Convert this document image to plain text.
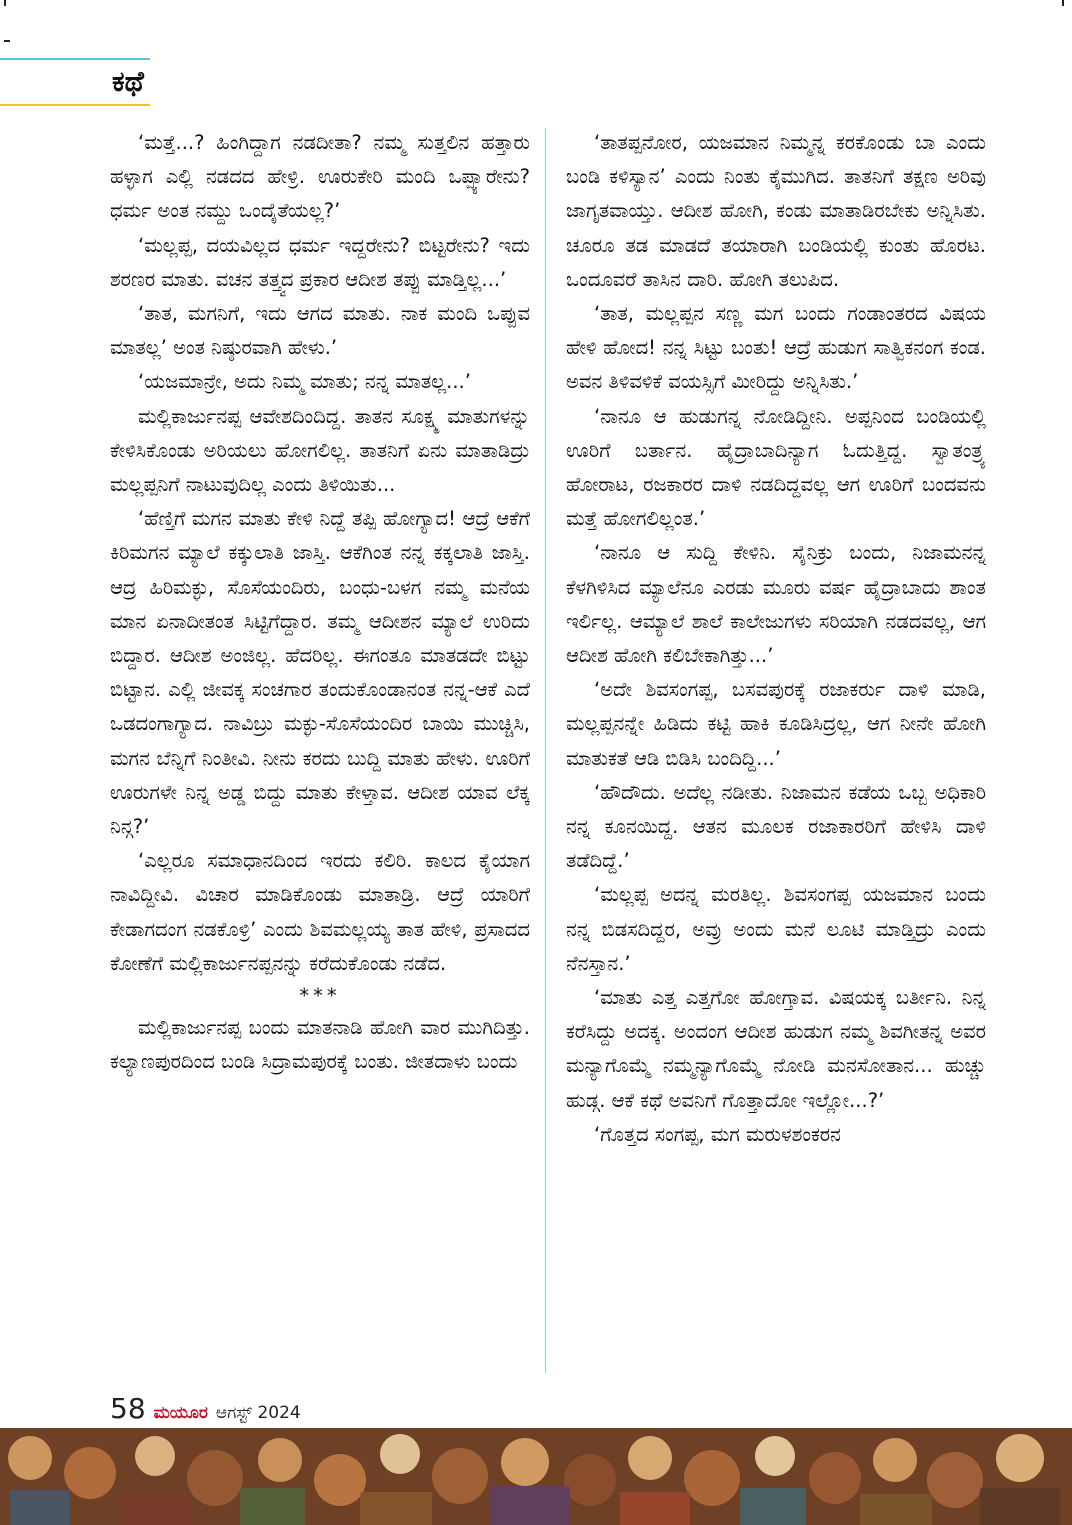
ಕಥೆ

‘ಮತ್ತೆ...? ಹಿಂಗಿದ್ದಾಗ ನಡದೀತಾ? ನಮ್ಮ ಸುತ್ತಲಿನ ಹತ್ತಾರು ಹಳ್ಳಾಗ ಎಲ್ಲಿ ನಡದದ ಹೇಳ್ರಿ. ಊರುಕೇರಿ ಮಂದಿ ಒಪ್ಪ್ಯಾರೇನು? ಧರ್ಮ ಅಂತ ನಮ್ದು ಒಂದೈತೆಯಲ್ಲ?’

‘ಮಲ್ಲಪ್ಪ, ದಯವಿಲ್ಲದ ಧರ್ಮ ಇದ್ದರೇನು? ಬಿಟ್ಟರೇನು? ಇದು ಶರಣರ ಮಾತು. ವಚನ ತತ್ತ್ವದ ಪ್ರಕಾರ ಆದೀಶ ತಪ್ಪು ಮಾಡ್ತಿಲ್ಲ...’

‘ತಾತ, ಮಗನಿಗೆ, ಇದು ಆಗದ ಮಾತು. ನಾಕ ಮಂದಿ ಒಪ್ಪುವ ಮಾತಲ್ಲ’ ಅಂತ ನಿಷ್ಠುರವಾಗಿ ಹೇಳು.’

‘ಯಜಮಾನ್ರೇ, ಅದು ನಿಮ್ಮ ಮಾತು; ನನ್ನ ಮಾತಲ್ಲ...’

ಮಲ್ಲಿಕಾರ್ಜುನಪ್ಪ ಆವೇಶದಿಂದಿದ್ದ. ತಾತನ ಸೂಕ್ಷ್ಮ ಮಾತುಗಳನ್ನು ಕೇಳಿಸಿಕೊಂಡು ಅರಿಯಲು ಹೋಗಲಿಲ್ಲ. ತಾತನಿಗೆ ಏನು ಮಾತಾಡಿದ್ರು ಮಲ್ಲಪ್ಪನಿಗೆ ನಾಟುವುದಿಲ್ಲ ಎಂದು ತಿಳಿಯಿತು...

‘ಹೆಣ್ತಿಗೆ ಮಗನ ಮಾತು ಕೇಳಿ ನಿದ್ದೆ ತಪ್ಪಿ ಹೋಗ್ಯಾದ! ಆದ್ರೆ ಆಕೆಗೆ ಕಿರಿಮಗನ ಮ್ಯಾಲೆ ಕಕ್ಕುಲಾತಿ ಜಾಸ್ತಿ. ಆಕೆಗಿಂತ ನನ್ನ ಕಕ್ಕಲಾತಿ ಜಾಸ್ತಿ. ಆದ್ರ ಹಿರಿಮಕ್ಳು, ಸೊಸೆಯಂದಿರು, ಬಂಧು-ಬಳಗ ನಮ್ಮ ಮನೆಯ ಮಾನ ಏನಾದೀತಂತ ಸಿಟ್ಟಿಗೆದ್ದಾರ. ತಮ್ಮ ಆದೀಶನ ಮ್ಯಾಲೆ ಉರಿದು ಬಿದ್ದಾರ. ಆದೀಶ ಅಂಜಿಲ್ಲ. ಹೆದರಿಲ್ಲ. ಈಗಂತೂ ಮಾತಡದೇ ಬಿಟ್ಟು ಬಿಟ್ಟಾನ. ಎಲ್ಲಿ ಜೀವಕ್ಕ ಸಂಚಗಾರ ತಂದುಕೊಂಡಾನಂತ ನನ್ನ-ಆಕೆ ಎದೆ ಒಡದಂಗಾಗ್ಯಾದ. ನಾವಿಬ್ರು ಮಕ್ಳು-ಸೊಸೆಯಂದಿರ ಬಾಯಿ ಮುಚ್ಚಿಸಿ, ಮಗನ ಬೆನ್ನಿಗೆ ನಿಂತೀವಿ. ನೀನು ಕರದು ಬುದ್ದಿ ಮಾತು ಹೇಳು. ಊರಿಗೆ ಊರುಗಳೇ ನಿನ್ನ ಅಡ್ಡ ಬಿದ್ದು ಮಾತು ಕೇಳ್ತಾವ. ಆದೀಶ ಯಾವ ಲೆಕ್ಕ ನಿನ್ಗ?’

‘ಎಲ್ಲರೂ ಸಮಾಧಾನದಿಂದ ಇರದು ಕಲಿರಿ. ಕಾಲದ ಕೈಯಾಗ ನಾವಿದ್ದೀವಿ. ವಿಚಾರ ಮಾಡಿಕೊಂಡು ಮಾತಾಡ್ರಿ. ಆದ್ರೆ ಯಾರಿಗೆ ಕೇಡಾಗದಂಗ ನಡಕೊಳ್ರಿ’ ಎಂದು ಶಿವಮಲ್ಲಯ್ಯ ತಾತ ಹೇಳಿ, ಪ್ರಸಾದದ ಕೋಣೆಗೆ ಮಲ್ಲಿಕಾರ್ಜುನಪ್ಪನನ್ನು ಕರೆದುಕೊಂಡು ನಡೆದ.

***

ಮಲ್ಲಿಕಾರ್ಜುನಪ್ಪ ಬಂದು ಮಾತನಾಡಿ ಹೋಗಿ ವಾರ ಮುಗಿದಿತ್ತು. ಕಲ್ಯಾಣಪುರದಿಂದ ಬಂಡಿ ಸಿದ್ರಾಮಪುರಕ್ಕೆ ಬಂತು. ಜೀತದಾಳು ಬಂದು

‘ತಾತಪ್ಪನೋರ, ಯಜಮಾನ ನಿಮ್ಮನ್ನ ಕರಕೊಂಡು ಬಾ ಎಂದು ಬಂಡಿ ಕಳಿಸ್ಯಾನ’ ಎಂದು ನಿಂತು ಕೈಮುಗಿದ. ತಾತನಿಗೆ ತಕ್ಷಣ ಅರಿವು ಜಾಗೃತವಾಯ್ತು. ಆದೀಶ ಹೋಗಿ, ಕಂಡು ಮಾತಾಡಿರಬೇಕು ಅನ್ನಿಸಿತು. ಚೂರೂ ತಡ ಮಾಡದೆ ತಯಾರಾಗಿ ಬಂಡಿಯಲ್ಲಿ ಕುಂತು ಹೊರಟ. ಒಂದೂವರೆ ತಾಸಿನ ದಾರಿ. ಹೋಗಿ ತಲುಪಿದ.

‘ತಾತ, ಮಲ್ಲಪ್ಪನ ಸಣ್ಣ ಮಗ ಬಂದು ಗಂಡಾಂತರದ ವಿಷಯ ಹೇಳಿ ಹೋದ! ನನ್ನ ಸಿಟ್ಟು ಬಂತು! ಆದ್ರೆ ಹುಡುಗ ಸಾತ್ವಿಕನಂಗ ಕಂಡ. ಅವನ ತಿಳಿವಳಿಕೆ ವಯಸ್ಸಿಗೆ ಮೀರಿದ್ದು ಅನ್ನಿಸಿತು.’

‘ನಾನೂ ಆ ಹುಡುಗನ್ನ ನೋಡಿದ್ದೀನಿ. ಅಪ್ಪನಿಂದ ಬಂಡಿಯಲ್ಲಿ ಊರಿಗೆ ಬರ್ತಾನ. ಹೈದ್ರಾಬಾದಿನ್ಯಾಗ ಓದುತ್ತಿದ್ದ. ಸ್ವಾತಂತ್ರ್ಯ ಹೋರಾಟ, ರಜಕಾರರ ದಾಳಿ ನಡದಿದ್ದವಲ್ಲ ಆಗ ಊರಿಗೆ ಬಂದವನು ಮತ್ತೆ ಹೋಗಲಿಲ್ಲಂತ.’

‘ನಾನೂ ಆ ಸುದ್ದಿ ಕೇಳಿನಿ. ಸೈನಿಕ್ರು ಬಂದು, ನಿಜಾಮನನ್ನ ಕೆಳಗಿಳಿಸಿದ ಮ್ಯಾಲೆನೂ ಎರಡು ಮೂರು ವರ್ಷ ಹೈದ್ರಾಬಾದು ಶಾಂತ ಇರ್ಲಿಲ್ಲ. ಆಮ್ಯಾಲೆ ಶಾಲೆ ಕಾಲೇಜುಗಳು ಸರಿಯಾಗಿ ನಡದವಲ್ಲ, ಆಗ ಆದೀಶ ಹೋಗಿ ಕಲಿಬೇಕಾಗಿತ್ತು...’

‘ಅದೇ ಶಿವಸಂಗಪ್ಪ, ಬಸವಪುರಕ್ಕೆ ರಜಾಕರ್ರು ದಾಳಿ ಮಾಡಿ, ಮಲ್ಲಪ್ಪನನ್ನೇ ಹಿಡಿದು ಕಟ್ಟಿ ಹಾಕಿ ಕೂಡಿಸಿದ್ರಲ್ಲ, ಆಗ ನೀನೇ ಹೋಗಿ ಮಾತುಕತೆ ಆಡಿ ಬಿಡಿಸಿ ಬಂದಿದ್ದಿ...’

‘ಹೌದೌದು. ಅದೆಲ್ಲ ನಡೀತು. ನಿಜಾಮನ ಕಡೆಯ ಒಬ್ಬ ಅಧಿಕಾರಿ ನನ್ನ ಕೂನಯಿದ್ದ. ಆತನ ಮೂಲಕ ರಜಾಕಾರರಿಗೆ ಹೇಳಿಸಿ ದಾಳಿ ತಡೆದಿದ್ದೆ.’

‘ಮಲ್ಲಪ್ಪ ಅದನ್ನ ಮರತಿಲ್ಲ. ಶಿವಸಂಗಪ್ಪ ಯಜಮಾನ ಬಂದು ನನ್ನ ಬಿಡಸದಿದ್ದರ, ಅವ್ರು ಅಂದು ಮನೆ ಲೂಟಿ ಮಾಡ್ತಿದ್ರು ಎಂದು ನೆನಸ್ತಾನ.’

‘ಮಾತು ಎತ್ತ ಎತ್ತಗೋ ಹೋಗ್ತಾವ. ವಿಷಯಕ್ಕ ಬರ್ತೀನಿ. ನಿನ್ನ ಕರೆಸಿದ್ದು ಅದಕ್ಕ. ಅಂದಂಗ ಆದೀಶ ಹುಡುಗ ನಮ್ಮ ಶಿವಗೀತನ್ನ ಅವರ ಮನ್ಯಾಗೊಮ್ಮೆ ನಮ್ಮನ್ಯಾಗೊಮ್ಮೆ ನೋಡಿ ಮನಸೋತಾನ... ಹುಚ್ಚು ಹುಡ್ಗ. ಆಕೆ ಕಥೆ ಅವನಿಗೆ ಗೊತ್ತಾದೋ ಇಲ್ಲೋ...?’

‘ಗೊತ್ತದ ಸಂಗಪ್ಪ, ಮಗ ಮರುಳಶಂಕರನ

58 ಮಯೂರ ಆಗಸ್ಟ್ 2024
